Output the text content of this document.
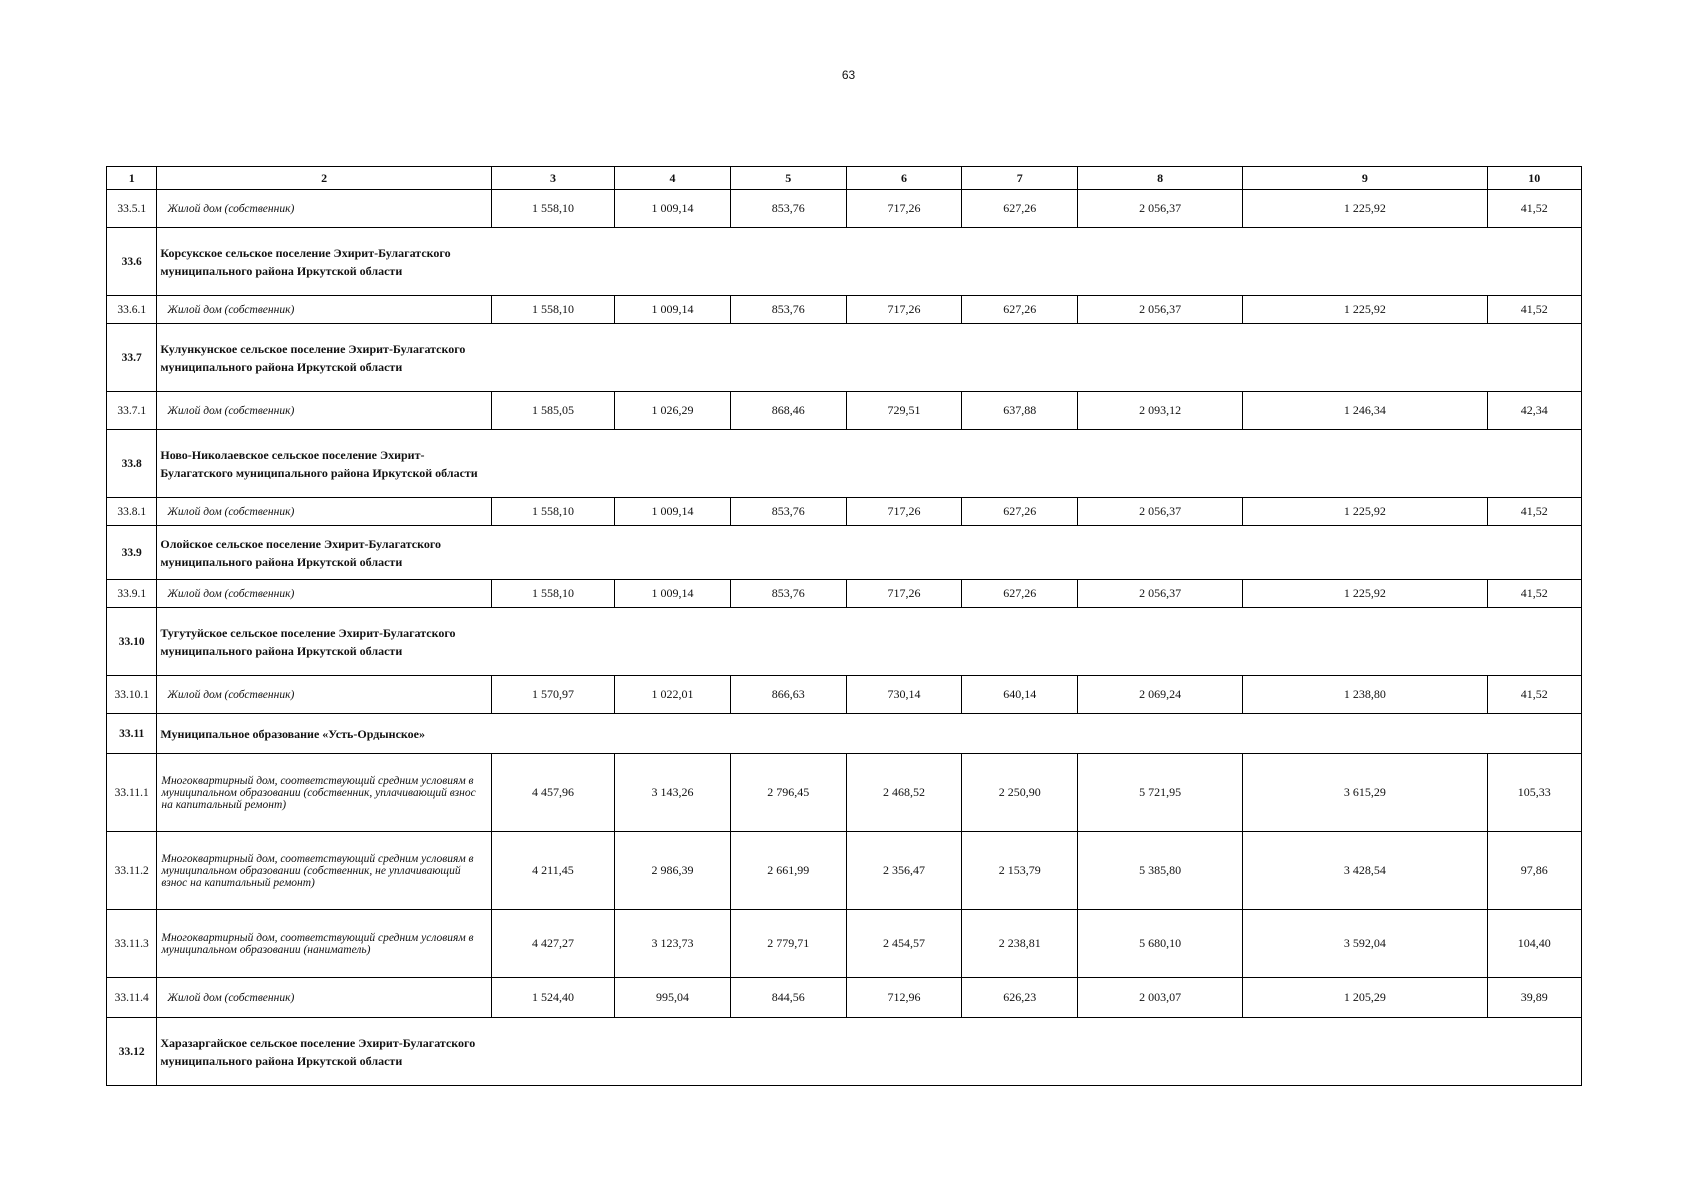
63
1	2	3	4	5	6	7	8	9	10
33.5.1	Жилой дом (собственник)	1 558,10	1 009,14	853,76	717,26	627,26	2 056,37	1 225,92	41,52
33.6	Корсукское сельское поселение Эхирит-Булагатского муниципального района Иркутской области								
33.6.1	Жилой дом (собственник)	1 558,10	1 009,14	853,76	717,26	627,26	2 056,37	1 225,92	41,52
33.7	Кулункунское сельское поселение Эхирит-Булагатского муниципального района Иркутской области								
33.7.1	Жилой дом (собственник)	1 585,05	1 026,29	868,46	729,51	637,88	2 093,12	1 246,34	42,34
33.8	Ново-Николаевское сельское поселение Эхирит-Булагатского муниципального района Иркутской области								
33.8.1	Жилой дом (собственник)	1 558,10	1 009,14	853,76	717,26	627,26	2 056,37	1 225,92	41,52
33.9	Олойское сельское поселение Эхирит-Булагатского муниципального района Иркутской области								
33.9.1	Жилой дом (собственник)	1 558,10	1 009,14	853,76	717,26	627,26	2 056,37	1 225,92	41,52
33.10	Тугутуйское сельское поселение Эхирит-Булагатского муниципального района Иркутской области								
33.10.1	Жилой дом (собственник)	1 570,97	1 022,01	866,63	730,14	640,14	2 069,24	1 238,80	41,52
33.11	Муниципальное образование «Усть-Ордынское»								
33.11.1	Многоквартирный дом, соответствующий средним условиям в муниципальном образовании (собственник, уплачивающий взнос на капитальный ремонт)	4 457,96	3 143,26	2 796,45	2 468,52	2 250,90	5 721,95	3 615,29	105,33
33.11.2	Многоквартирный дом, соответствующий средним условиям в муниципальном образовании (собственник, не уплачивающий взнос на капитальный ремонт)	4 211,45	2 986,39	2 661,99	2 356,47	2 153,79	5 385,80	3 428,54	97,86
33.11.3	Многоквартирный дом, соответствующий средним условиям в муниципальном образовании (наниматель)	4 427,27	3 123,73	2 779,71	2 454,57	2 238,81	5 680,10	3 592,04	104,40
33.11.4	Жилой дом (собственник)	1 524,40	995,04	844,56	712,96	626,23	2 003,07	1 205,29	39,89
33.12	Харазаргайское сельское поселение Эхирит-Булагатского муниципального района Иркутской области								
